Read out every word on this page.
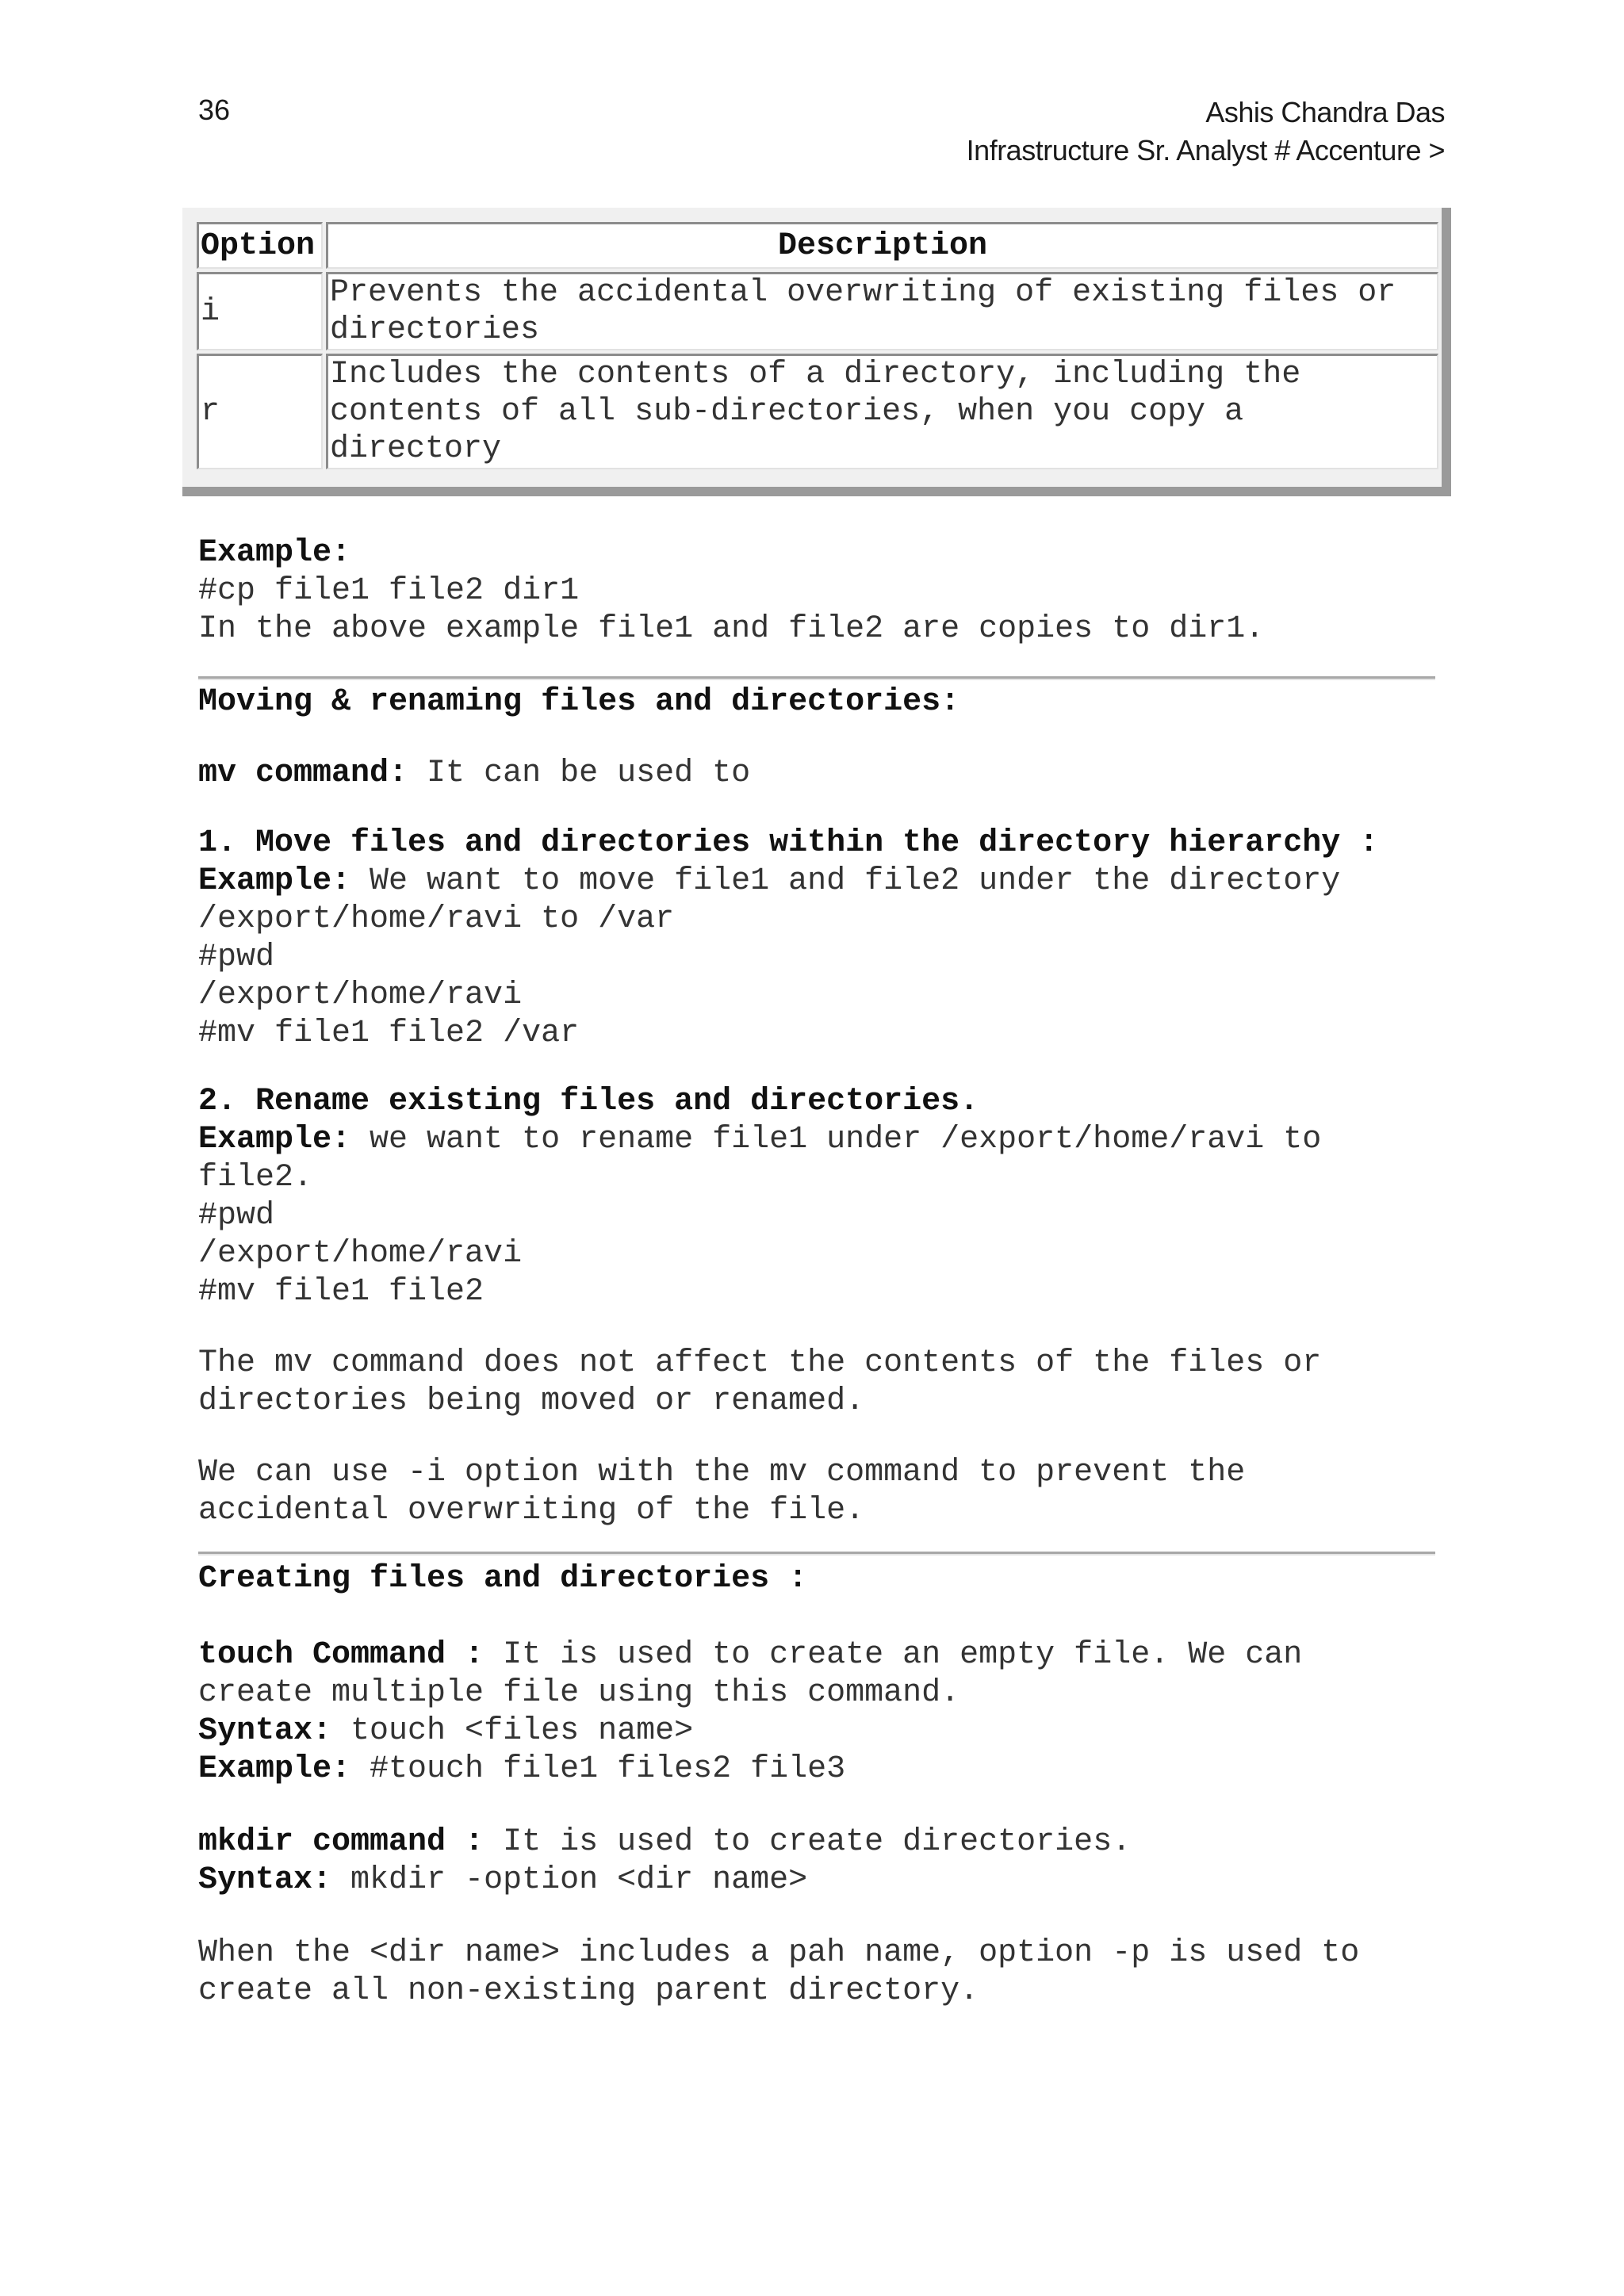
36	Ashis Chandra Das
Infrastructure Sr. Analyst # Accenture >
Option	Description
i	Prevents the accidental overwriting of existing files or
directories

r	Includes the contents of a directory, including the
contents of all sub-directories, when you copy a
directory
Example:
#cp file1 file2 dir1
In the above example file1 and file2 are copies to dir1.
Moving & renaming files and directories:
mv command: It can be used to
1. Move files and directories within the directory hierarchy :
Example: We want to move file1 and file2 under the directory
/export/home/ravi to /var
#pwd
/export/home/ravi
#mv file1 file2 /var
2. Rename existing files and directories.
Example: we want to rename file1 under /export/home/ravi to
file2.
#pwd
/export/home/ravi
#mv file1 file2
The mv command does not affect the contents of the files or
directories being moved or renamed.
We can use -i option with the mv command to prevent the
accidental overwriting of the file.
Creating files and directories :
touch Command : It is used to create an empty file. We can
create multiple file using this command.
Syntax: touch <files name>
Example: #touch file1 files2 file3
mkdir command : It is used to create directories.
Syntax: mkdir -option <dir name>
When the <dir name> includes a pah name, option -p is used to
create all non-existing parent directory.
